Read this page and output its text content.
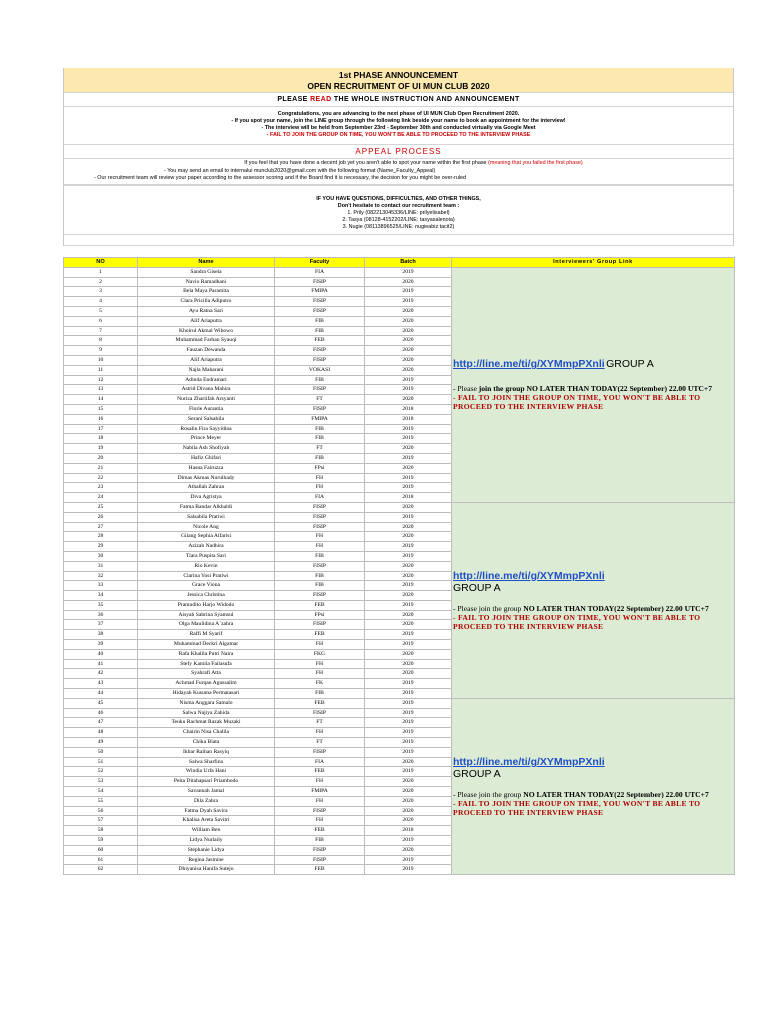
1st PHASE ANNOUNCEMENT
OPEN RECRUITMENT OF UI MUN CLUB 2020
PLEASE READ THE WHOLE INSTRUCTION AND ANNOUNCEMENT
Congratulations, you are advancing to the next phase of UI MUN Club Open Recruitment 2020.
- If you spot your name, join the LINE group through the following link beside your name to book an appointment for the interview!
- The interview will be held from September 23rd - September 30th and conducted virtually via Google Meet
- FAIL TO JOIN THE GROUP ON TIME, YOU WON'T BE ABLE TO PROCEED TO THE INTERVIEW PHASE
APPEAL PROCESS
If you feel that you have done a decent job yet you aren't able to spot your name within the first phase (meaning that you failed the first phase)
- You may send an email to internalui munclub2020@gmail.com with the following format (Name_Faculty_Appeal)
- Our recruitment team will review your paper according to the assessor scoring and if the Board find it is necessary, the decision for you might be over-ruled
IF YOU HAVE QUESTIONS, DIFFICULTIES, AND OTHER THINGS,
Don't hesitate to contact our recruitment team :
1. Prily (082213045336/LINE: prilyelisabel)
2. Tasya (08128-4152202/LINE: tasyasalenoia)
3. Nugie (08113896525/LINE: nugieabiz tacit2)
NO	Name	Faculty	Batch	Interviewers' Group Link
1	Sandra Gisela	FIA	2019	http://line.me/ti/g/XYMmpPXnli GROUP A
- Please join the group NO LATER THAN TODAY(22 September) 22.00 UTC+7
- FAIL TO JOIN THE GROUP ON TIME, YOU WON'T BE ABLE TO PROCEED TO THE INTERVIEW PHASE

2	Navio Ramadhani	FISIP	2020	
3	Bela Maya Paramita	FMIPA	2019	
4	Clara Pricilla Adiputro	FISIP	2019	
5	Ayu Ratna Sari	FISIP	2020	
6	Alif Ariaputra	FIB	2020	
7	Khoirul Akmal Wibowo	FIB	2020	
8	Muhammad Farhan Syauqi	FEB	2020	
9	Fauzan Dewanda	FISIP	2020	
10	Alif Ariaputra	FISIP	2020	
11	Najla Maharani	VOKASI	2020	
12	Adinda Endramari	FIB	2019	
13	Astrid Divana Mahira	FISIP	2019	
14	Nuriza Zhariifah Arsyanti	FT	2020	
15	Florie Aurantia	FISIP	2018	
16	Serani Salsabila	FMIPA	2018	
17	Rosalin Fira Sayyidina	FIB	2019	
18	Prince Meyer	FIB	2019	
19	Nabila Ash Shofiyah	FT	2020	
20	Hafiz Ghifari	FIB	2019	
21	Hasna Fairuzza	FPsi	2020	
22	Dimas Akmas Nurulhady	FH	2019	
23	Athallah Zahran	FH	2019	
24	Diva Agristya	FIA	2018	
25	Fatma Bandar Alkhaldi	FISIP	2020	http://line.me/ti/g/XYMmpPXnli
GROUP A
- Please join the group NO LATER THAN TODAY(22 September) 22.00 UTC+7
- FAIL TO JOIN THE GROUP ON TIME, YOU WON'T BE ABLE TO PROCEED TO THE INTERVIEW PHASE

26	Salsabila Pratiwi	FISIP	2019	
27	Nicole Ang	FISIP	2020	
28	Gilang Sephia Alfarisi	FH	2020	
29	Azizah Nadhira	FH	2019	
30	Tiara Puspita Sari	FIB	2019	
31	Rio Kevin	FISIP	2020	
32	Clarina Yosi Pratiwi	FIB	2020	
33	Grace Viona	FIB	2019	
34	Jessica Christina	FISIP	2020	
35	Pramudito Harjo Widodo	FEB	2019	
36	Aisyah Sabrina Syamsul	FPsi	2020	
37	Olga Maulidina A`zahra	FISIP	2020	
38	Raffi M Syarif	FEB	2019	
39	Muhammad Deckri Algamar	FH	2019	
40	Rafa Khalila Putri Naira	FKG	2020	
41	Stefy Kamila Failasufa	FH	2020	
42	Syahrafi Atta	FH	2020	
43	Achmad Furqan Agussalim	FK	2019	
44	Hidayah Kusuma Permatasari	FIB	2019	
45	Nisma Anggara Samalo	FEB	2019	http://line.me/ti/g/XYMmpPXnli
GROUP A
- Please join the group NO LATER THAN TODAY(22 September) 22.00 UTC+7
- FAIL TO JOIN THE GROUP ON TIME, YOU WON'T BE ABLE TO PROCEED TO THE INTERVIEW PHASE

46	Salwa Najiya Zahida	FISIP	2019	
47	Teuku Rachmat Razak Muzaki	FT	2019	
48	Chairin Nisa Chalila	FH	2019	
49	Chika Biata	FT	2019	
50	Ikbar Raihan Rasyiq	FISIP	2019	
51	Salwa Sharfina	FIA	2020	
52	Windia Urfa Hani	FEB	2019	
53	Peita Ditahapsari Priambodo	FH	2020	
54	Savannah Jamal	FMIPA	2020	
55	Dila Zahra	FH	2020	
56	Fatma Dyah Savira	FISIP	2020	
57	Khalisa Areta Savitri	FH	2020	
58	William Ben	FEB	2018	
59	Lidya Nurlaily	FIB	2019	
60	Stephanie Lidya	FISIP	2020	
61	Regina Jasmine	FISIP	2019	
62	Dhiyanisa Hanifa Sutejo	FEB	2019	
